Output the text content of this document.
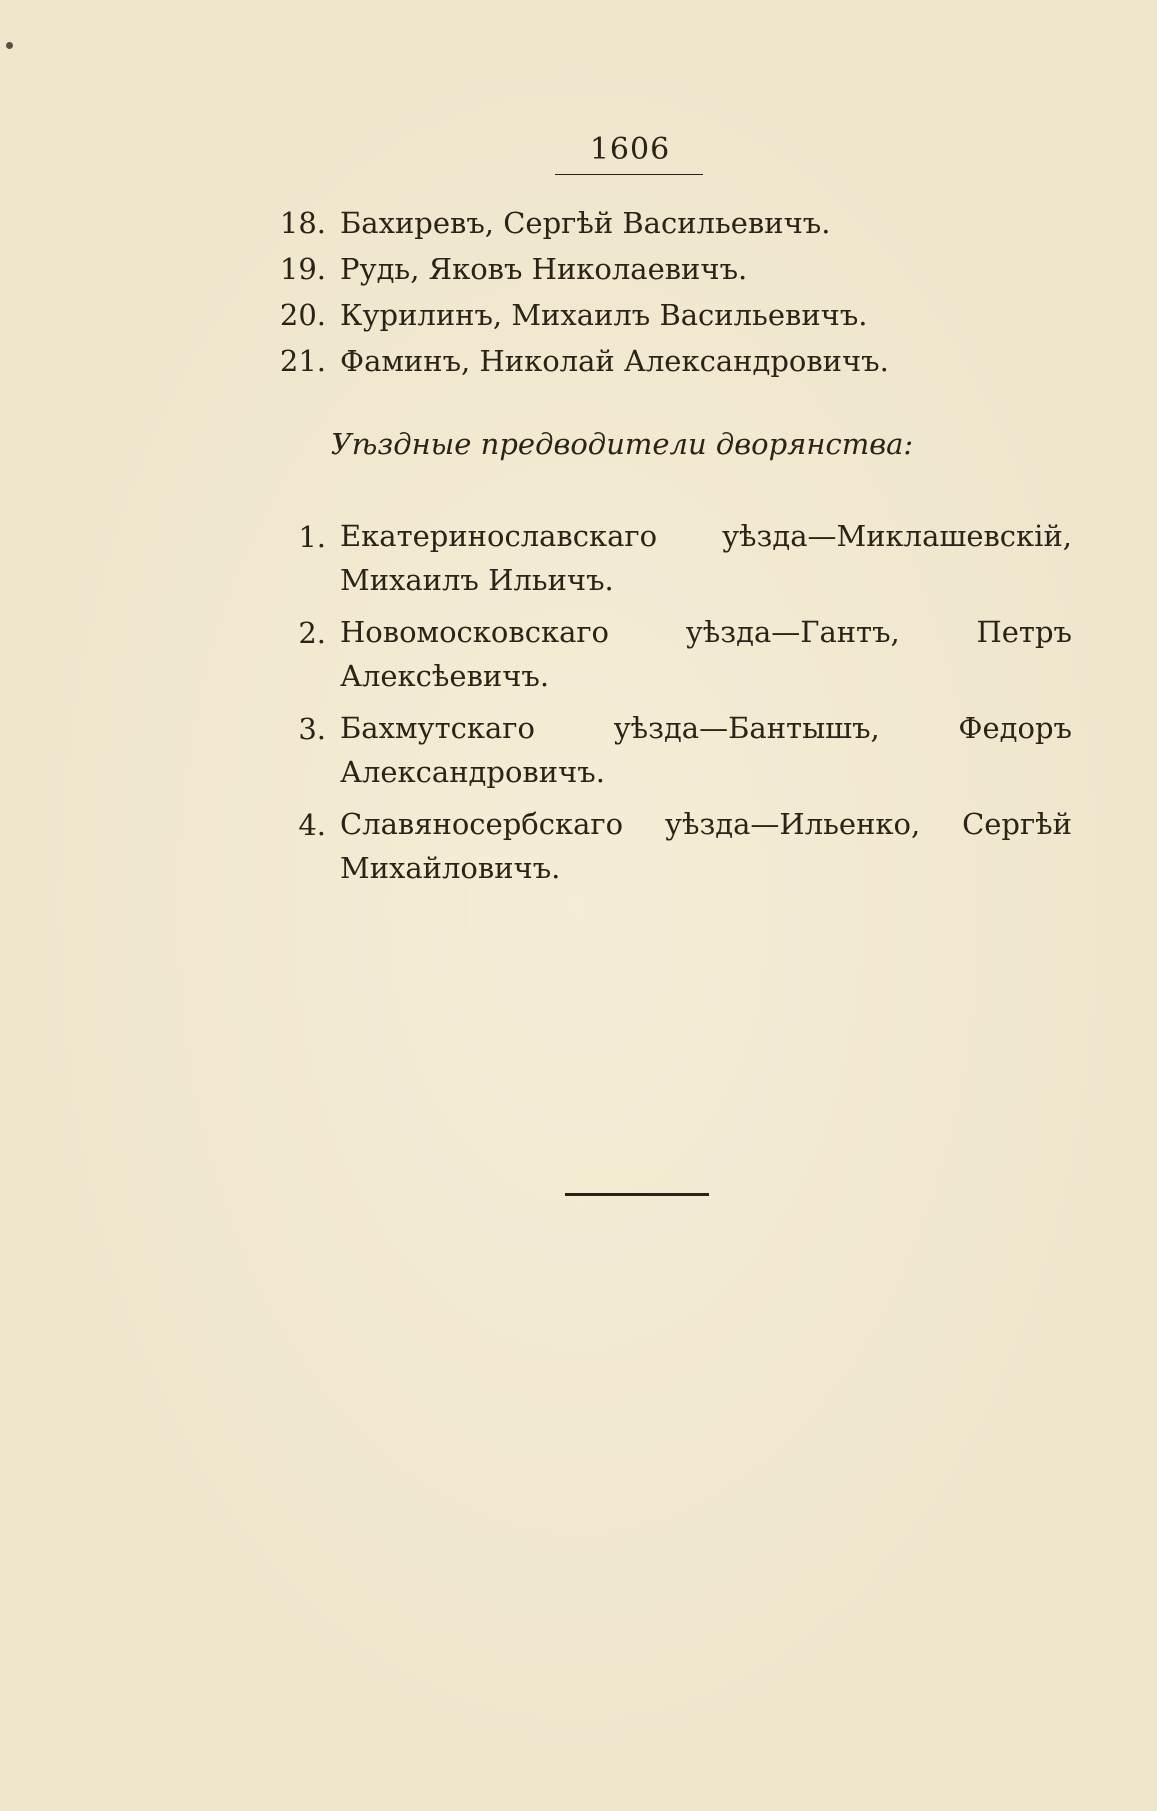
1606
18. Бахиревъ, Сергѣй Васильевичъ.
19. Рудь, Яковъ Николаевичъ.
20. Курилинъ, Михаилъ Васильевичъ.
21. Фаминъ, Николай Александровичъ.
Уѣздные предводители дворянства:
1. Екатеринославскаго уѣзда—Миклашевскій, Михаилъ Ильичъ.
2. Новомосковскаго уѣзда—Гантъ, Петръ Алексѣевичъ.
3. Бахмутскаго уѣзда—Бантышъ, Федоръ Александровичъ.
4. Славяносербскаго уѣзда—Ильенко, Сергѣй Михайловичъ.
